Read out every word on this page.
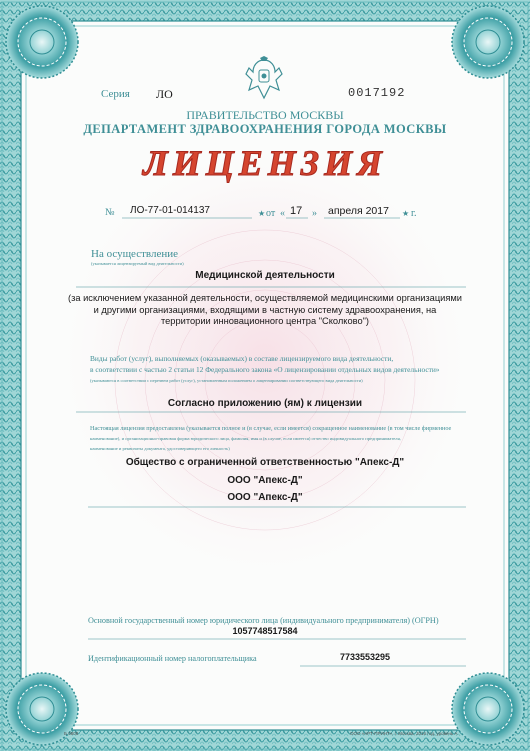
★	★
Серия ЛО	0017192
ПРАВИТЕЛЬСТВО МОСКВЫ
ДЕПАРТАМЕНТ ЗДРАВООХРАНЕНИЯ ГОРОДА МОСКВЫ
ЛИЦЕНЗИЯ
№ ЛО-77-01-014137	от « 17 » апреля 2017 г.
На осуществление
(указывается лицензируемый вид деятельности)
Медицинской деятельности
(за исключением указанной деятельности, осуществляемой медицинскими организациями
и другими организациями, входящими в частную систему здравоохранения, на
территории инновационного центра "Сколково")
Виды работ (услуг), выполняемых (оказываемых) в составе лицензируемого вида деятельности,
в соответствии с частью 2 статьи 12 Федерального закона «О лицензировании отдельных видов деятельности»
(указываются в соответствии с перечнем работ (услуг), установленным положением о лицензировании соответствующего вида деятельности)
Согласно приложению (ям) к лицензии
Настоящая лицензия предоставлена (указывается полное и (в случае, если имеется) сокращенное наименование (в том числе фирменное
наименование), и организационно-правовая форма юридического лица, фамилия, имя и (в случае, если имеется) отчество индивидуального предпринимателя,
наименование и реквизиты документа, удостоверяющего его личность)
Общество с ограниченной ответственностью "Апекс-Д"
ООО "Апекс-Д"
ООО "Апекс-Д"
Основной государственный номер юридического лица (индивидуального предпринимателя) (ОГРН)
1057748517584
Идентификационный номер налогоплательщика	7733553295
Б 0808	ООО «АРТ-ПРИНТ», г. Москва, 2016 год, уровень А
